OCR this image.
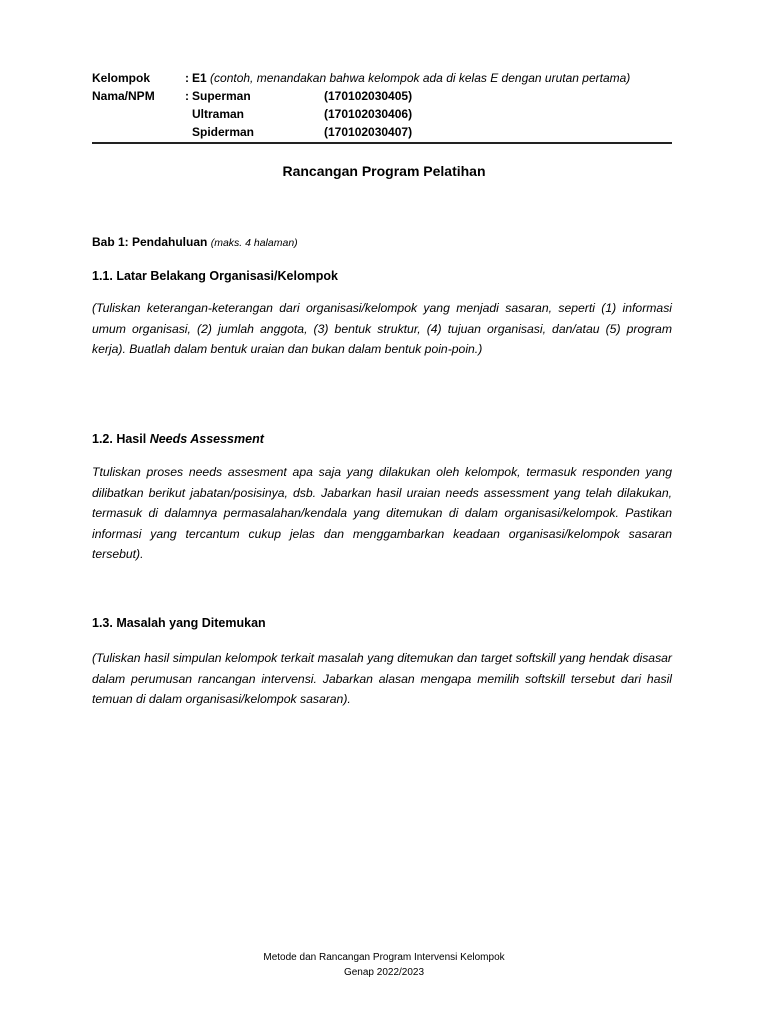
Kelompok	: E1 (contoh, menandakan bahwa kelompok ada di kelas E dengan urutan pertama)
Nama/NPM	: Superman	(170102030405)
Ultraman	(170102030406)
Spiderman	(170102030407)
Rancangan Program Pelatihan
Bab 1: Pendahuluan (maks. 4 halaman)
1.1. Latar Belakang Organisasi/Kelompok

(Tuliskan keterangan-keterangan dari organisasi/kelompok yang menjadi sasaran, seperti (1) informasi umum organisasi, (2) jumlah anggota, (3) bentuk struktur, (4) tujuan organisasi, dan/atau (5) program kerja). Buatlah dalam bentuk uraian dan bukan dalam bentuk poin-poin.)

1.2. Hasil Needs Assessment

Ttuliskan proses needs assesment apa saja yang dilakukan oleh kelompok, termasuk responden yang dilibatkan berikut jabatan/posisinya, dsb. Jabarkan hasil uraian needs assessment yang telah dilakukan, termasuk di dalamnya permasalahan/kendala yang ditemukan di dalam organisasi/kelompok. Pastikan informasi yang tercantum cukup jelas dan menggambarkan keadaan organisasi/kelompok sasaran tersebut).

1.3. Masalah yang Ditemukan

(Tuliskan hasil simpulan kelompok terkait masalah yang ditemukan dan target softskill yang hendak disasar dalam perumusan rancangan intervensi. Jabarkan alasan mengapa memilih softskill tersebut dari hasil temuan di dalam organisasi/kelompok sasaran).

Metode dan Rancangan Program Intervensi Kelompok
Genap 2022/2023
